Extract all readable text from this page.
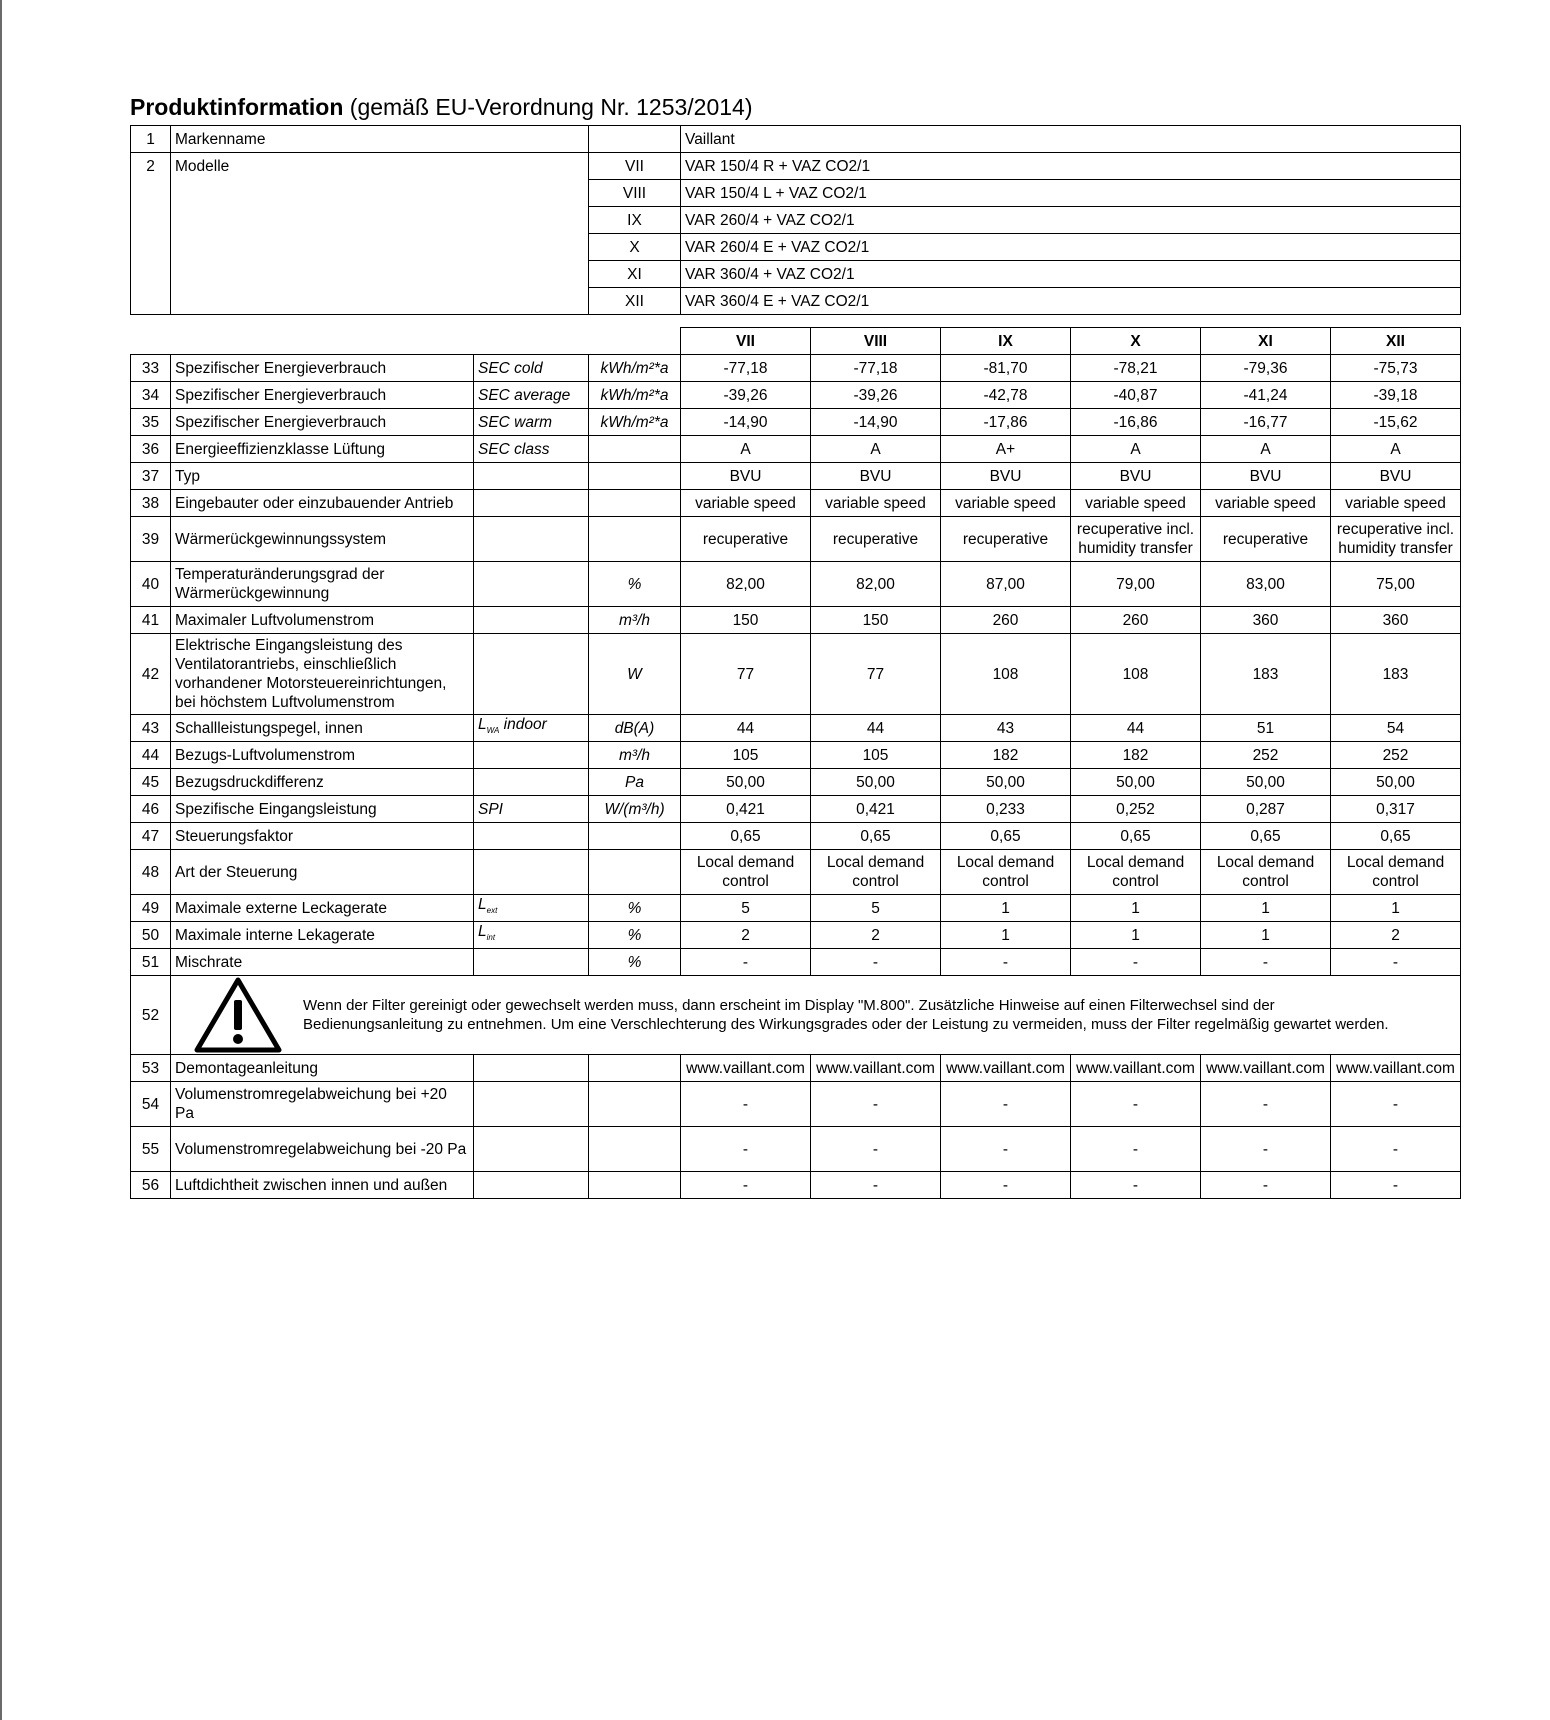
Produktinformation (gemäß EU-Verordnung Nr. 1253/2014)
1	Markenname		Vaillant
2	Modelle	VII	VAR 150/4 R + VAZ CO2/1
		VIII	VAR 150/4 L + VAZ CO2/1
		IX	VAR 260/4 + VAZ CO2/1
		X	VAR 260/4 E + VAZ CO2/1
		XI	VAR 360/4 + VAZ CO2/1
		XII	VAR 360/4 E + VAZ CO2/1
				VII	VIII	IX	X	XI	XII
33	Spezifischer Energieverbrauch	SEC cold	kWh/m²*a	-77,18	-77,18	-81,70	-78,21	-79,36	-75,73
34	Spezifischer Energieverbrauch	SEC average	kWh/m²*a	-39,26	-39,26	-42,78	-40,87	-41,24	-39,18
35	Spezifischer Energieverbrauch	SEC warm	kWh/m²*a	-14,90	-14,90	-17,86	-16,86	-16,77	-15,62
36	Energieeffizienzklasse Lüftung	SEC class		A	A	A+	A	A	A
37	Typ			BVU	BVU	BVU	BVU	BVU	BVU
38	Eingebauter oder einzubauender Antrieb			variable speed	variable speed	variable speed	variable speed	variable speed	variable speed
39	Wärmerückgewinnungssystem			recuperative	recuperative	recuperative	recuperative incl. humidity transfer	recuperative	recuperative incl. humidity transfer
40	Temperaturänderungsgrad der Wärmerückgewinnung		%	82,00	82,00	87,00	79,00	83,00	75,00
41	Maximaler Luftvolumenstrom		m³/h	150	150	260	260	360	360
42	Elektrische Eingangsleistung des Ventilatorantriebs, einschließlich vorhandener Motorsteuereinrichtungen, bei höchstem Luftvolumenstrom		W	77	77	108	108	183	183
43	Schallleistungspegel, innen	$L_{WA}$ indoor	dB(A)	44	44	43	44	51	54
44	Bezugs-Luftvolumenstrom		m³/h	105	105	182	182	252	252
45	Bezugsdruckdifferenz		Pa	50,00	50,00	50,00	50,00	50,00	50,00
46	Spezifische Eingangsleistung	SPI	W/(m³/h)	0,421	0,421	0,233	0,252	0,287	0,317
47	Steuerungsfaktor			0,65	0,65	0,65	0,65	0,65	0,65
48	Art der Steuerung			Local demand control	Local demand control	Local demand control	Local demand control	Local demand control	Local demand control
49	Maximale externe Leckagerate	$L_{ext}$	%	5	5	1	1	1	1
50	Maximale interne Lekagerate	$L_{int}$	%	2	2	1	1	1	2
51	Mischrate		%	-	-	-	-	-	-
52	Wenn der Filter gereinigt oder gewechselt werden muss, dann erscheint im Display "M.800". Zusätzliche Hinweise auf einen Filterwechsel sind der Bedienungsanleitung zu entnehmen. Um eine Verschlechterung des Wirkungsgrades oder der Leistung zu vermeiden, muss der Filter regelmäßig gewartet werden.								

53	Demontageanleitung			www.vaillant.com	www.vaillant.com	www.vaillant.com	www.vaillant.com	www.vaillant.com	www.vaillant.com
54	Volumenstromregelabweichung bei +20 Pa			-	-	-	-	-	-
55	Volumenstromregelabweichung bei -20 Pa			-	-	-	-	-	-
56	Luftdichtheit zwischen innen und außen			-	-	-	-	-	-
